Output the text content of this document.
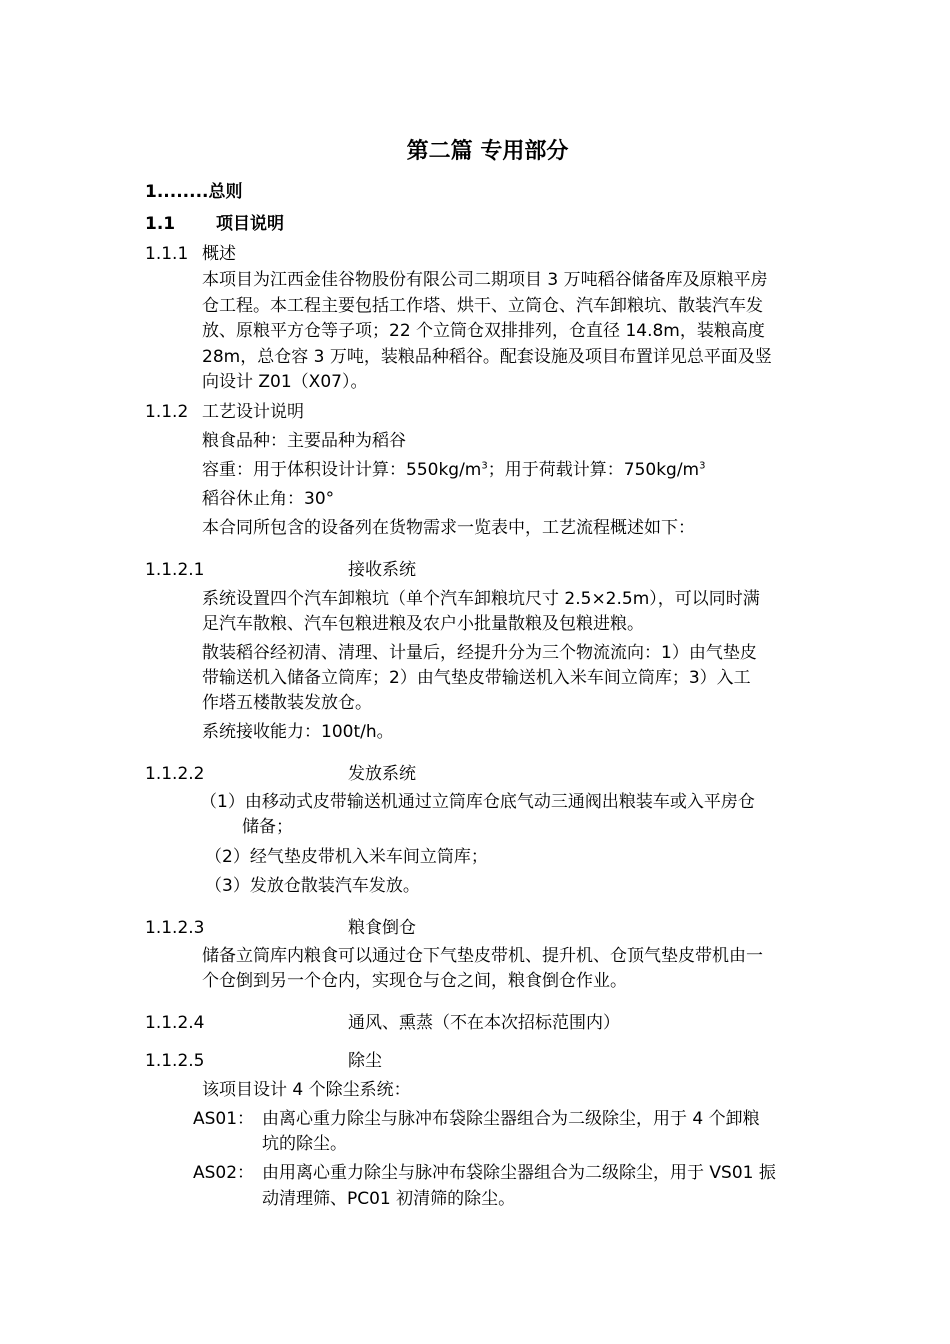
第二篇 专用部分
1........总则
1.1 项目说明
1.1.1 概述
本项目为江西金佳谷物股份有限公司二期项目 3 万吨稻谷储备库及原粮平房
仓工程。本工程主要包括工作塔、烘干、立筒仓、汽车卸粮坑、散装汽车发
放、原粮平方仓等子项；22 个立筒仓双排排列，仓直径 14.8m，装粮高度
28m，总仓容 3 万吨，装粮品种稻谷。配套设施及项目布置详见总平面及竖
向设计 Z01（X07）。
1.1.2 工艺设计说明
粮食品种：主要品种为稻谷
容重：用于体积设计计算：$550kg/m^3$；用于荷载计算：$750kg/m^3$
稻谷休止角：30°
本合同所包含的设备列在货物需求一览表中，工艺流程概述如下：
1.1.2.1	接收系统
系统设置四个汽车卸粮坑（单个汽车卸粮坑尺寸 2.5×2.5m），可以同时满
足汽车散粮、汽车包粮进粮及农户小批量散粮及包粮进粮。
散装稻谷经初清、清理、计量后，经提升分为三个物流流向：1）由气垫皮
带输送机入储备立筒库；2）由气垫皮带输送机入米车间立筒库；3）入工
作塔五楼散装发放仓。
系统接收能力：100t/h。
1.1.2.2	发放系统
（1）由移动式皮带输送机通过立筒库仓底气动三通阀出粮装车或入平房仓
储备；
（2）经气垫皮带机入米车间立筒库；
（3）发放仓散装汽车发放。
1.1.2.3	粮食倒仓
储备立筒库内粮食可以通过仓下气垫皮带机、提升机、仓顶气垫皮带机由一
个仓倒到另一个仓内，实现仓与仓之间，粮食倒仓作业。
1.1.2.4	通风、熏蒸（不在本次招标范围内）
1.1.2.5	除尘
该项目设计 4 个除尘系统：
AS01： 由离心重力除尘与脉冲布袋除尘器组合为二级除尘，用于 4 个卸粮
坑的除尘。
AS02： 由用离心重力除尘与脉冲布袋除尘器组合为二级除尘，用于 VS01 振
动清理筛、PC01 初清筛的除尘。
